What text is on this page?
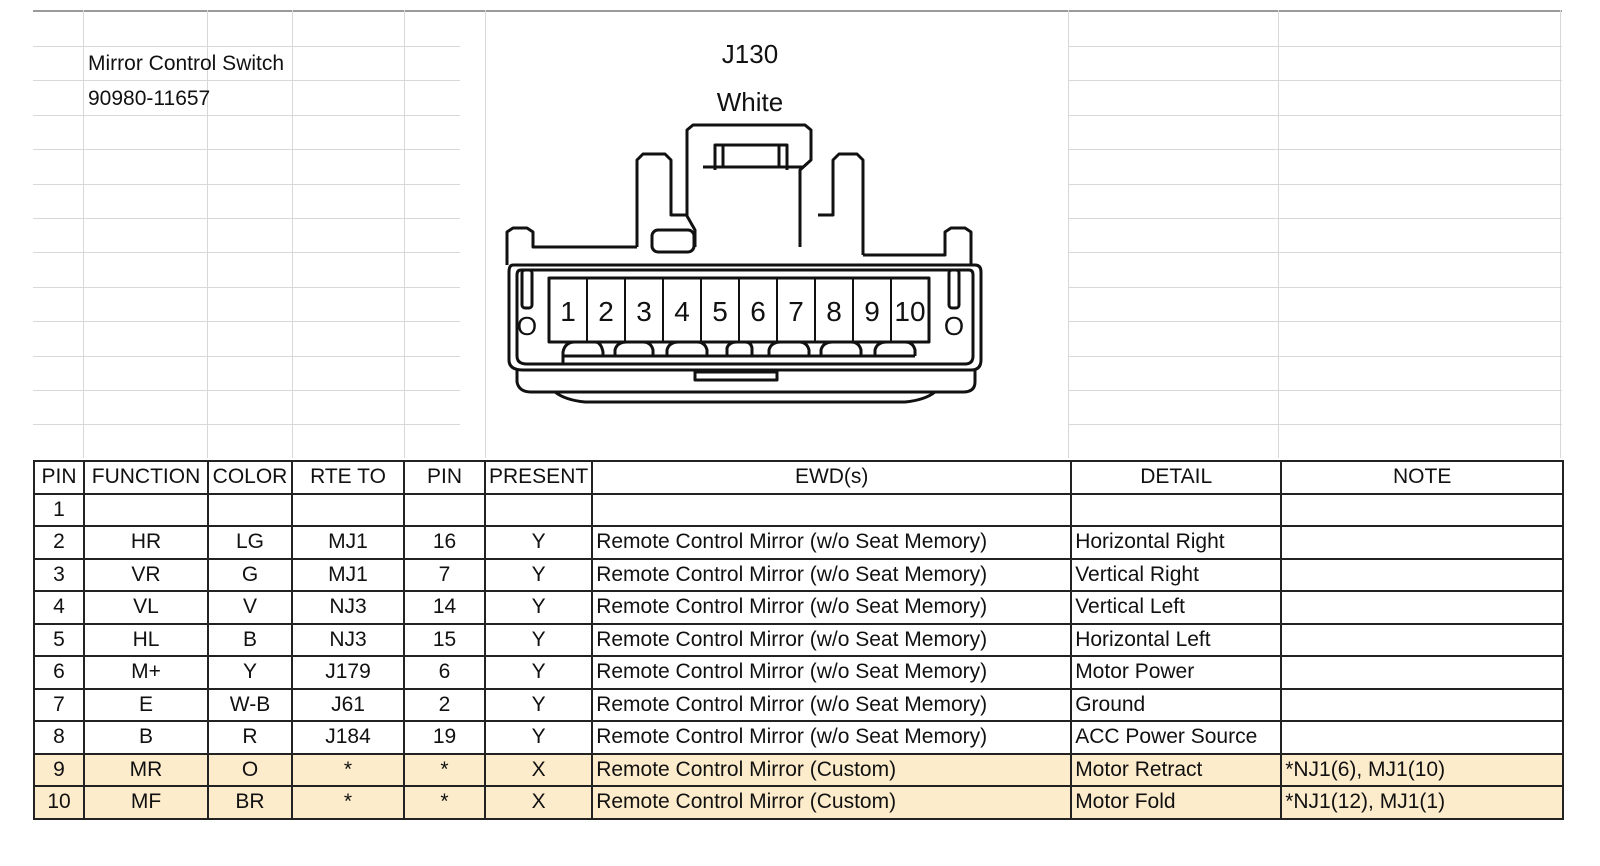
Mirror Control Switch
90980-11657
J130
White
1 2 3 4 5 6 7 8 9 10
O	O
PIN	FUNCTION	COLOR	RTE TO	PIN	PRESENT	EWD(s)	DETAIL	NOTE
1								
2	HR	LG	MJ1	16	Y	Remote Control Mirror (w/o Seat Memory)	Horizontal Right	
3	VR	G	MJ1	7	Y	Remote Control Mirror (w/o Seat Memory)	Vertical Right	
4	VL	V	NJ3	14	Y	Remote Control Mirror (w/o Seat Memory)	Vertical Left	
5	HL	B	NJ3	15	Y	Remote Control Mirror (w/o Seat Memory)	Horizontal Left	
6	M+	Y	J179	6	Y	Remote Control Mirror (w/o Seat Memory)	Motor Power	
7	E	W-B	J61	2	Y	Remote Control Mirror (w/o Seat Memory)	Ground	
8	B	R	J184	19	Y	Remote Control Mirror (w/o Seat Memory)	ACC Power Source	
9	MR	O	*	*	X	Remote Control Mirror (Custom)	Motor Retract	*NJ1(6), MJ1(10)
10	MF	BR	*	*	X	Remote Control Mirror (Custom)	Motor Fold	*NJ1(12), MJ1(1)
